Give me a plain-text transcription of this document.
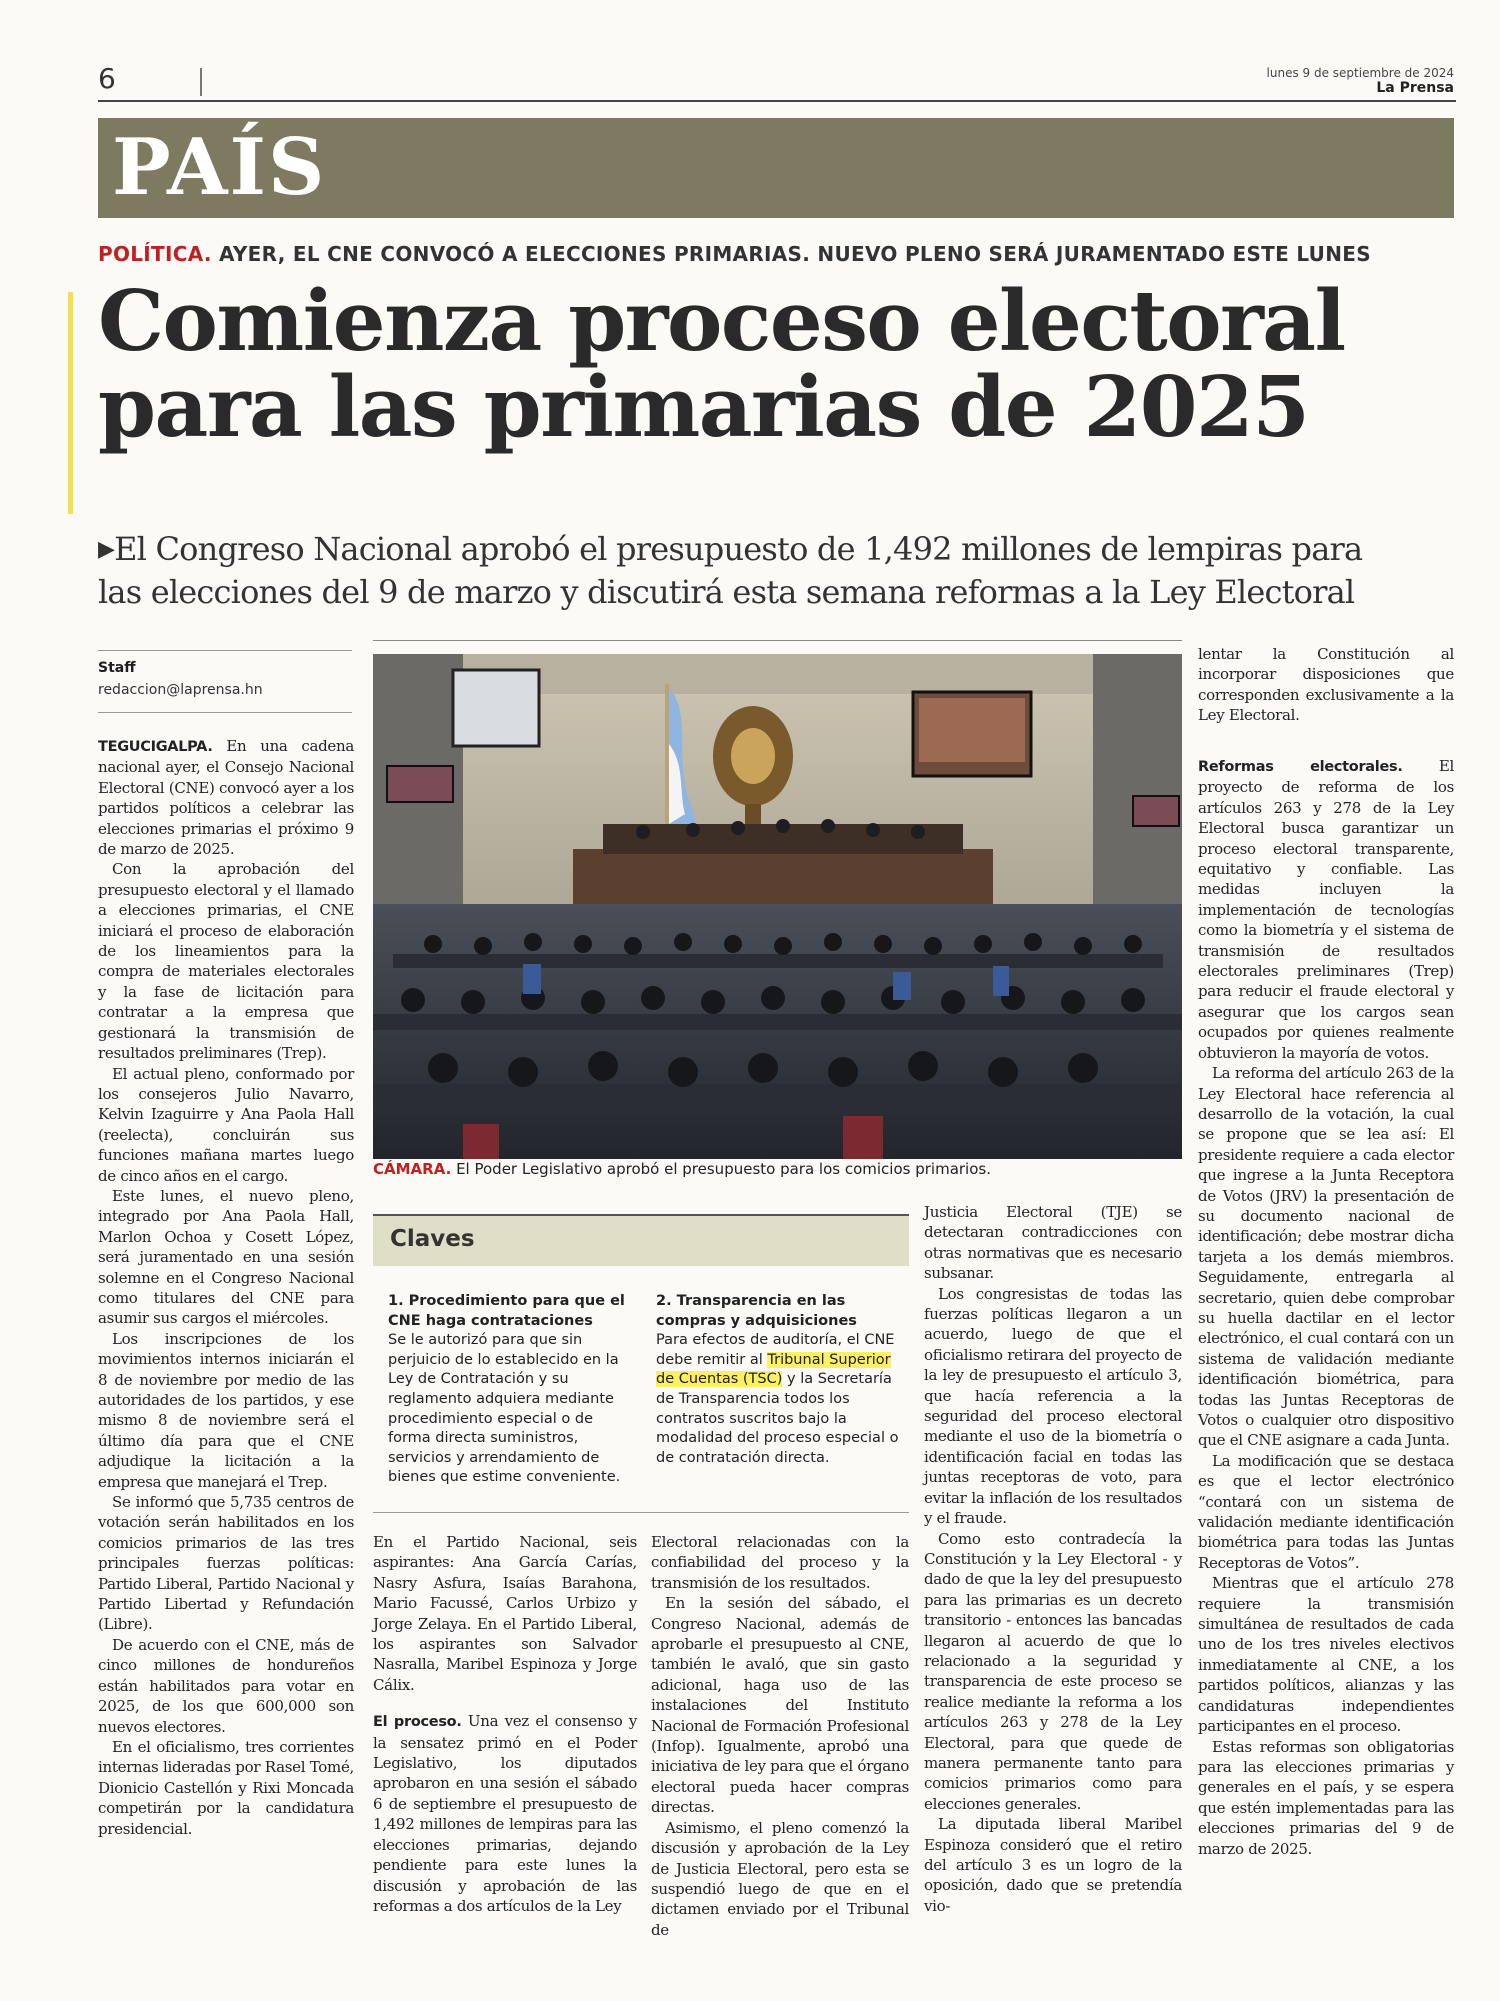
6	lunes 9 de septiembre de 2024
La Prensa
PAÍS
POLÍTICA. AYER, EL CNE CONVOCÓ A ELECCIONES PRIMARIAS. NUEVO PLENO SERÁ JURAMENTADO ESTE LUNES
Comienza proceso electoral
para las primarias de 2025

▶El Congreso Nacional aprobó el presupuesto de 1,492 millones de lempiras para
las elecciones del 9 de marzo y discutirá esta semana reformas a la Ley Electoral

Staff
redaccion@laprensa.hn

TEGUCIGALPA. En una cadena nacional ayer, el Consejo Nacional Electoral (CNE) convocó ayer a los partidos políticos a celebrar las elecciones primarias el próximo 9 de marzo de 2025.

Con la aprobación del presupuesto electoral y el llamado a elecciones primarias, el CNE iniciará el proceso de elaboración de los lineamientos para la compra de materiales electorales y la fase de licitación para contratar a la empresa que gestionará la transmisión de resultados preliminares (Trep).

El actual pleno, conformado por los consejeros Julio Navarro, Kelvin Izaguirre y Ana Paola Hall (reelecta), concluirán sus funciones mañana martes luego de cinco años en el cargo.

Este lunes, el nuevo pleno, integrado por Ana Paola Hall, Marlon Ochoa y Cosett López, será juramentado en una sesión solemne en el Congreso Nacional como titulares del CNE para asumir sus cargos el miércoles.

Los inscripciones de los movimientos internos iniciarán el 8 de noviembre por medio de las autoridades de los partidos, y ese mismo 8 de noviembre será el último día para que el CNE adjudique la licitación a la empresa que manejará el Trep.

Se informó que 5,735 centros de votación serán habilitados en los comicios primarios de las tres principales fuerzas políticas: Partido Liberal, Partido Nacional y Partido Libertad y Refundación (Libre).

De acuerdo con el CNE, más de cinco millones de hondureños están habilitados para votar en 2025, de los que 600,000 son nuevos electores.

En el oficialismo, tres corrientes internas lideradas por Rasel Tomé, Dionicio Castellón y Rixi Moncada competirán por la candidatura presidencial.

CÁMARA. El Poder Legislativo aprobó el presupuesto para los comicios primarios.
Claves
1. Procedimiento para que el CNE haga contrataciones
Se le autorizó para que sin perjuicio de lo establecido en la Ley de Contratación y su reglamento adquiera mediante procedimiento especial o de forma directa suministros, servicios y arrendamiento de bienes que estime conveniente.
2. Transparencia en las compras y adquisiciones
Para efectos de auditoría, el CNE debe remitir al Tribunal Superior de Cuentas (TSC) y la Secretaría de Transparencia todos los contratos suscritos bajo la modalidad del proceso especial o de contratación directa.

En el Partido Nacional, seis aspirantes: Ana García Carías, Nasry Asfura, Isaías Barahona, Mario Facussé, Carlos Urbizo y Jorge Zelaya. En el Partido Liberal, los aspirantes son Salvador Nasralla, Maribel Espinoza y Jorge Cálix.

El proceso. Una vez el consenso y la sensatez primó en el Poder Legislativo, los diputados aprobaron en una sesión el sábado 6 de septiembre el presupuesto de 1,492 millones de lempiras para las elecciones primarias, dejando pendiente para este lunes la discusión y aprobación de las reformas a dos artículos de la Ley

Electoral relacionadas con la confiabilidad del proceso y la transmisión de los resultados.

En la sesión del sábado, el Congreso Nacional, además de aprobarle el presupuesto al CNE, también le avaló, que sin gasto adicional, haga uso de las instalaciones del Instituto Nacional de Formación Profesional (Infop). Igualmente, aprobó una iniciativa de ley para que el órgano electoral pueda hacer compras directas.

Asimismo, el pleno comenzó la discusión y aprobación de la Ley de Justicia Electoral, pero esta se suspendió luego de que en el dictamen enviado por el Tribunal de

Justicia Electoral (TJE) se detectaran contradicciones con otras normativas que es necesario subsanar.

Los congresistas de todas las fuerzas políticas llegaron a un acuerdo, luego de que el oficialismo retirara del proyecto de la ley de presupuesto el artículo 3, que hacía referencia a la seguridad del proceso electoral mediante el uso de la biometría o identificación facial en todas las juntas receptoras de voto, para evitar la inflación de los resultados y el fraude.

Como esto contradecía la Constitución y la Ley Electoral - y dado de que la ley del presupuesto para las primarias es un decreto transitorio - entonces las bancadas llegaron al acuerdo de que lo relacionado a la seguridad y transparencia de este proceso se realice mediante la reforma a los artículos 263 y 278 de la Ley Electoral, para que quede de manera permanente tanto para comicios primarios como para elecciones generales.

La diputada liberal Maribel Espinoza consideró que el retiro del artículo 3 es un logro de la oposición, dado que se pretendía vio-

lentar la Constitución al incorporar disposiciones que corresponden exclusivamente a la Ley Electoral.

Reformas electorales. El proyecto de reforma de los artículos 263 y 278 de la Ley Electoral busca garantizar un proceso electoral transparente, equitativo y confiable. Las medidas incluyen la implementación de tecnologías como la biometría y el sistema de transmisión de resultados electorales preliminares (Trep) para reducir el fraude electoral y asegurar que los cargos sean ocupados por quienes realmente obtuvieron la mayoría de votos.

La reforma del artículo 263 de la Ley Electoral hace referencia al desarrollo de la votación, la cual se propone que se lea así: El presidente requiere a cada elector que ingrese a la Junta Receptora de Votos (JRV) la presentación de su documento nacional de identificación; debe mostrar dicha tarjeta a los demás miembros. Seguidamente, entregarla al secretario, quien debe comprobar su huella dactilar en el lector electrónico, el cual contará con un sistema de validación mediante identificación biométrica, para todas las Juntas Receptoras de Votos o cualquier otro dispositivo que el CNE asignare a cada Junta.

La modificación que se destaca es que el lector electrónico “contará con un sistema de validación mediante identificación biométrica para todas las Juntas Receptoras de Votos”.

Mientras que el artículo 278 requiere la transmisión simultánea de resultados de cada uno de los tres niveles electivos inmediatamente al CNE, a los partidos políticos, alianzas y las candidaturas independientes participantes en el proceso.

Estas reformas son obligatorias para las elecciones primarias y generales en el país, y se espera que estén implementadas para las elecciones primarias del 9 de marzo de 2025.
